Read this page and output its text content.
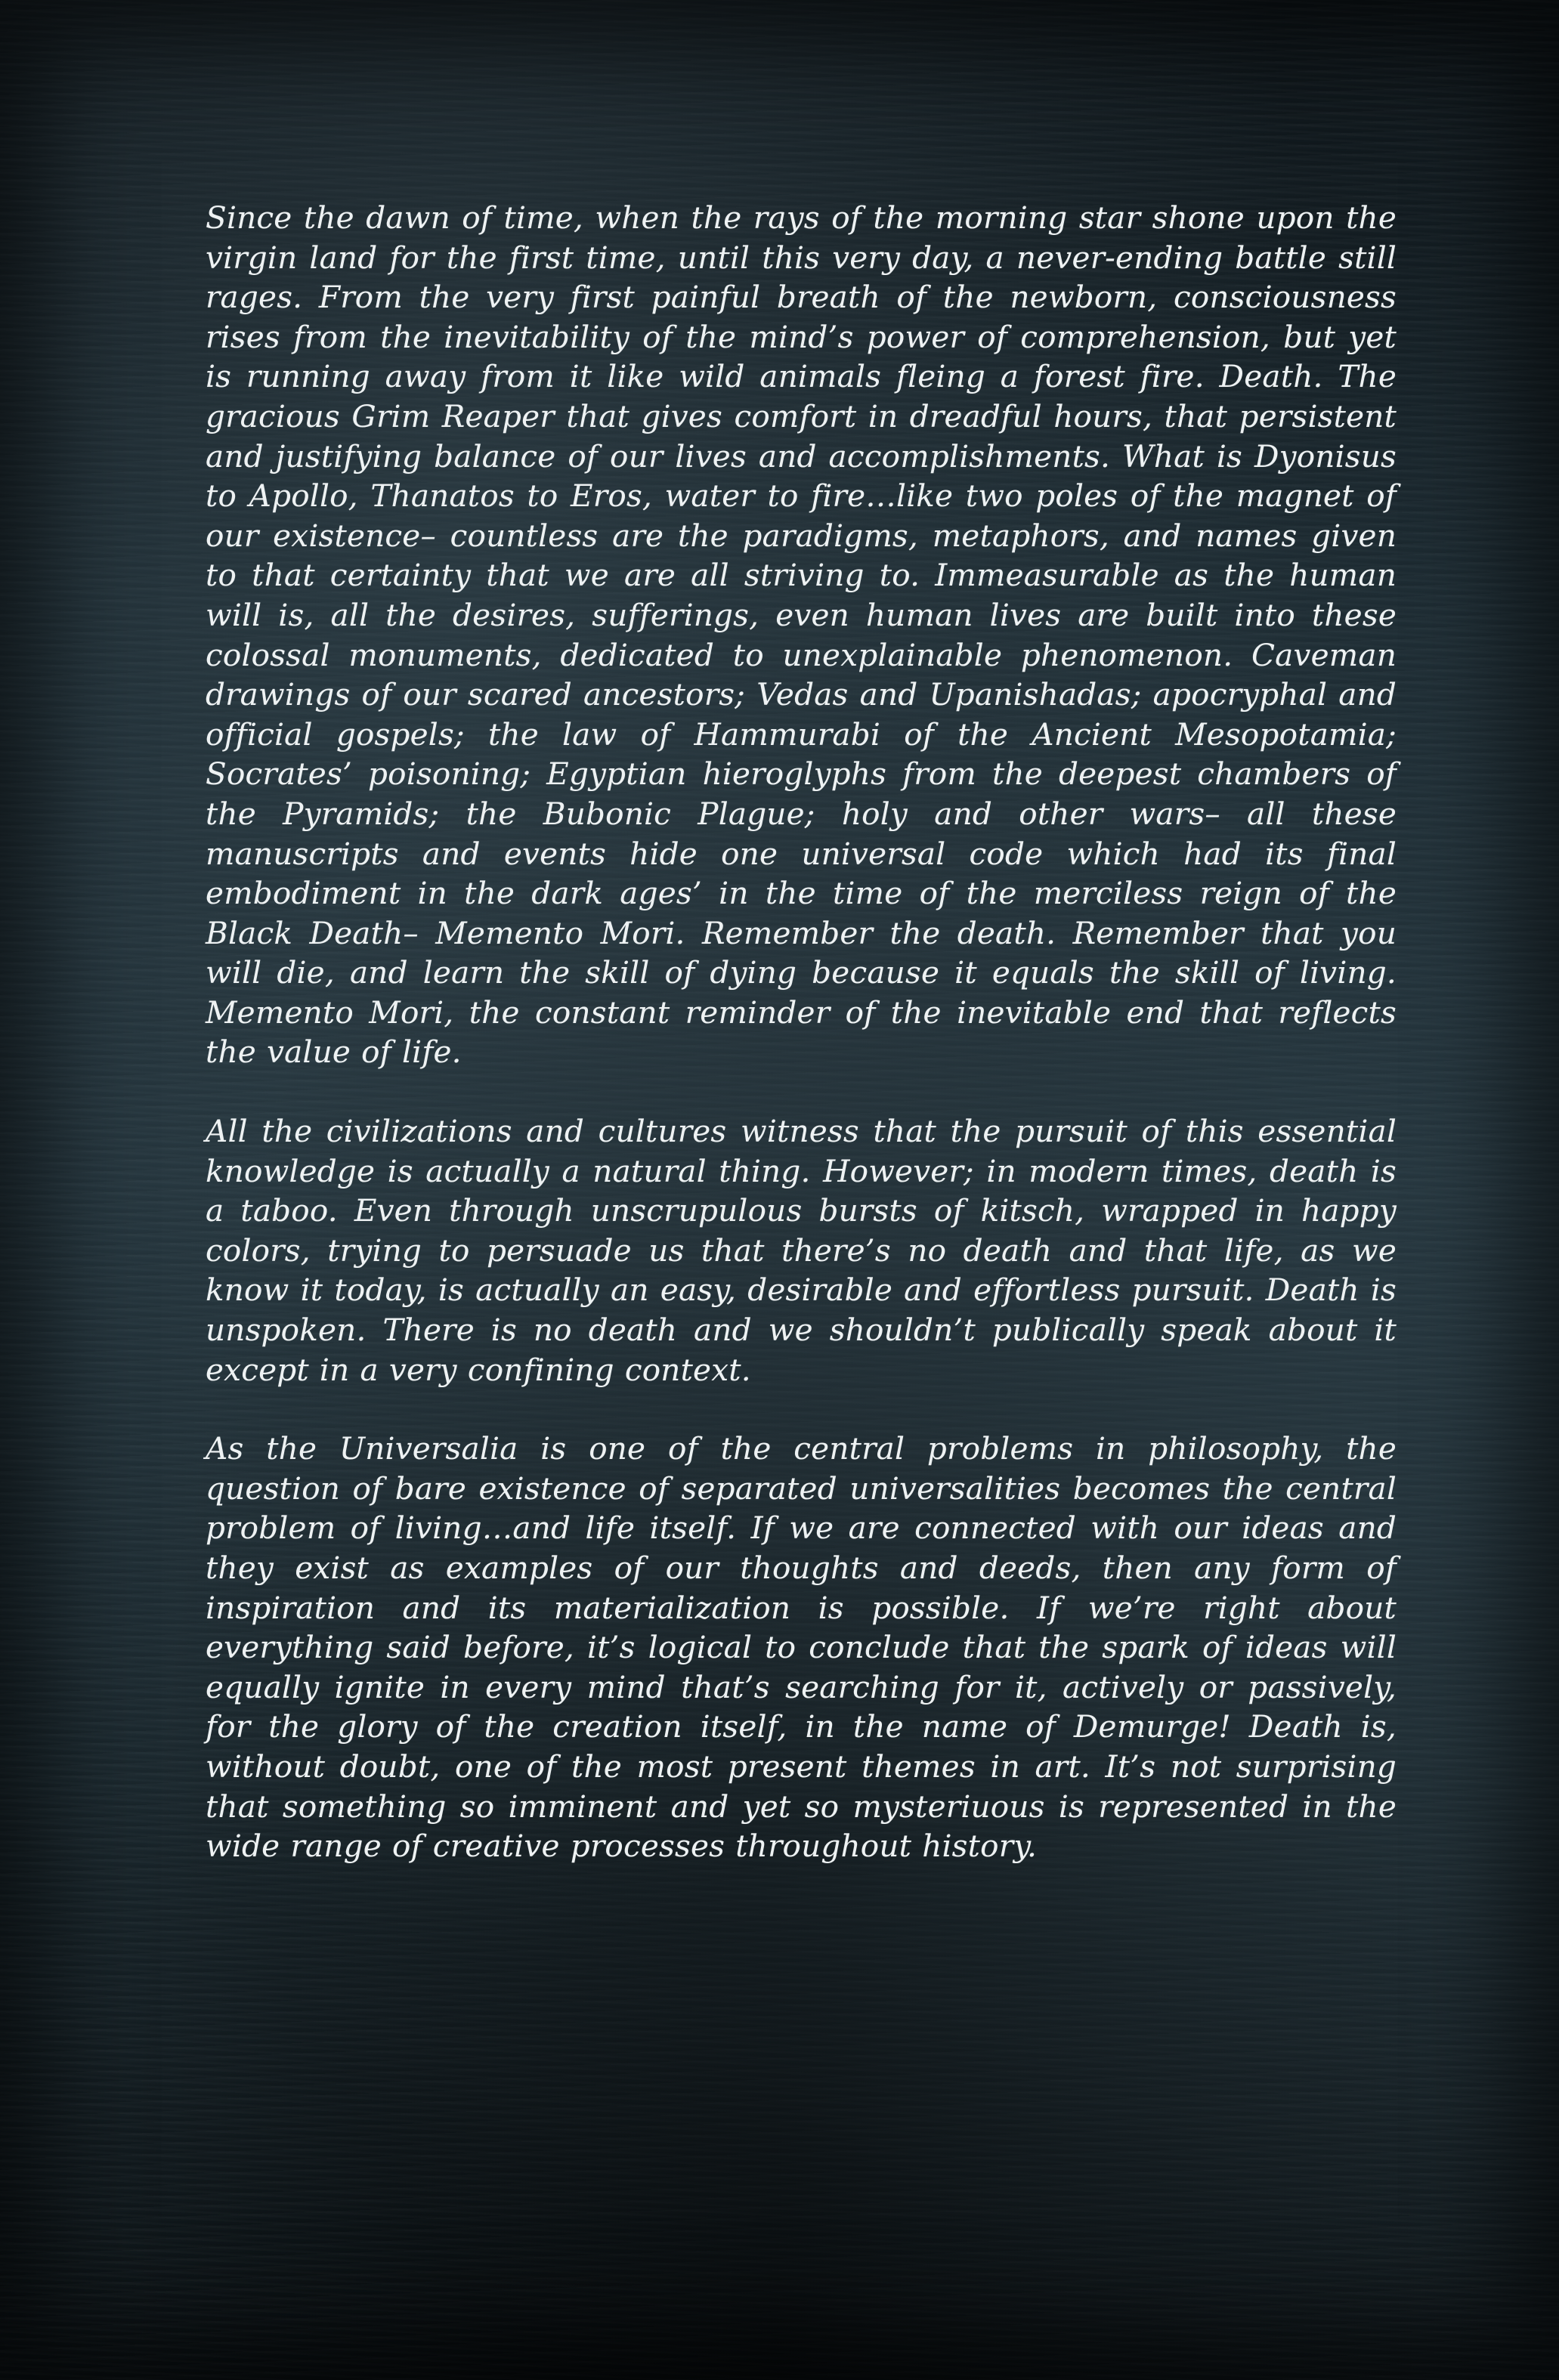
Since the dawn of time, when the rays of the morning star shone upon the virgin land for the first time, until this very day, a never-ending battle still rages. From the very first painful breath of the newborn, consciousness rises from the inevitability of the mind’s power of comprehension, but yet is running away from it like wild animals fleing a forest fire. Death. The gracious Grim Reaper that gives comfort in dreadful hours, that persistent and justifying balance of our lives and accomplishments. What is Dyonisus to Apollo, Thanatos to Eros, water to fire…like two poles of the magnet of our existence– countless are the paradigms, metaphors, and names given to that certainty that we are all striving to. Immeasurable as the human will is, all the desires, sufferings, even human lives are built into these colossal monuments, dedicated to unexplainable phenomenon. Caveman drawings of our scared ancestors; Vedas and Upanishadas; apocryphal and official gospels; the law of Hammurabi of the Ancient Mesopotamia; Socrates’ poisoning; Egyptian hieroglyphs from the deepest chambers of the Pyramids; the Bubonic Plague; holy and other wars– all these manuscripts and events hide one universal code which had its final embodiment in the dark ages’ in the time of the merciless reign of the Black Death– Memento Mori. Remember the death. Remember that you will die, and learn the skill of dying because it equals the skill of living. Memento Mori, the constant reminder of the inevitable end that reflects the value of life.

All the civilizations and cultures witness that the pursuit of this essential knowledge is actually a natural thing. However; in modern times, death is a taboo. Even through unscrupulous bursts of kitsch, wrapped in happy colors, trying to persuade us that there’s no death and that life, as we know it today, is actually an easy, desirable and effortless pursuit. Death is unspoken. There is no death and we shouldn’t publically speak about it except in a very confining context.

As the Universalia is one of the central problems in philosophy, the question of bare existence of separated universalities becomes the central problem of living…and life itself. If we are connected with our ideas and they exist as examples of our thoughts and deeds, then any form of inspiration and its materialization is possible. If we’re right about everything said before, it’s logical to conclude that the spark of ideas will equally ignite in every mind that’s searching for it, actively or passively, for the glory of the creation itself, in the name of Demurge! Death is, without doubt, one of the most present themes in art. It’s not surprising that something so imminent and yet so mysteriuous is represented in the wide range of creative processes throughout history.
